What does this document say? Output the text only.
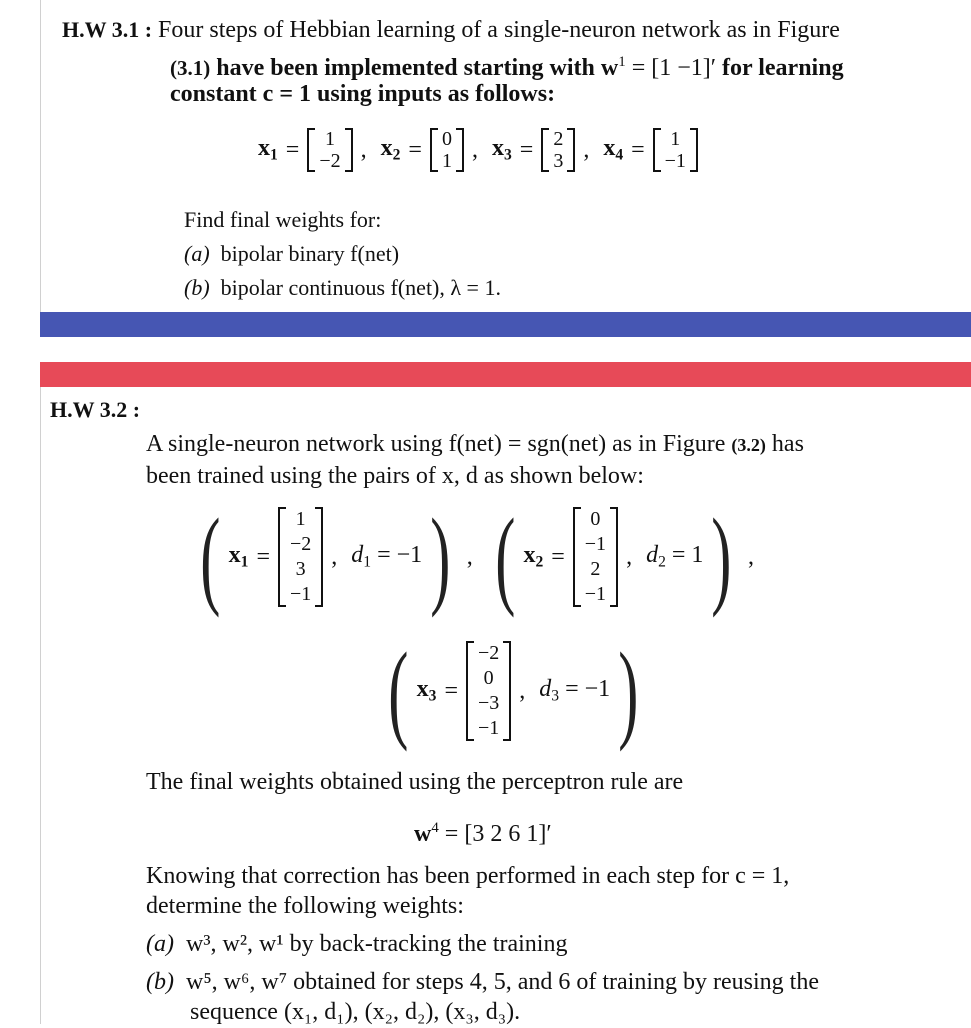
H.W 3.1 : Four steps of Hebbian learning of a single-neuron network as in Figure
(3.1) have been implemented starting with $w^1 = [1 -1]'$ for learning
constant c = 1 using inputs as follows:
$x_1 = 1$
−2 , $x_2 = 0$
1 , $x_3 = 2$
3 , $x_4 = 1$
−1
Find final weights for:
(a) bipolar binary f(net)
(b) bipolar continuous f(net), λ = 1.
H.W 3.2 :
A single-neuron network using f(net) = sgn(net) as in Figure (3.2) has
been trained using the pairs of x, d as shown below:
( $x_1$ =
1
−2
3
−1
, $d_1 = -1$ ) , ( $x_2$ =
0
−1
2
−1
, $d_2 = 1$ ) ,
( $x_3$ =
−2
0
−3
−1
, $d_3 = -1$ )
The final weights obtained using the perceptron rule are
$w^4 = [3$ 2 6 1]′
Knowing that correction has been performed in each step for c = 1,
determine the following weights:
(a) w³, w², w¹ by back-tracking the training
(b) w⁵, w⁶, w⁷ obtained for steps 4, 5, and 6 of training by reusing the
sequence (x₁, d₁), (x₂, d₂), (x₃, d₃).
